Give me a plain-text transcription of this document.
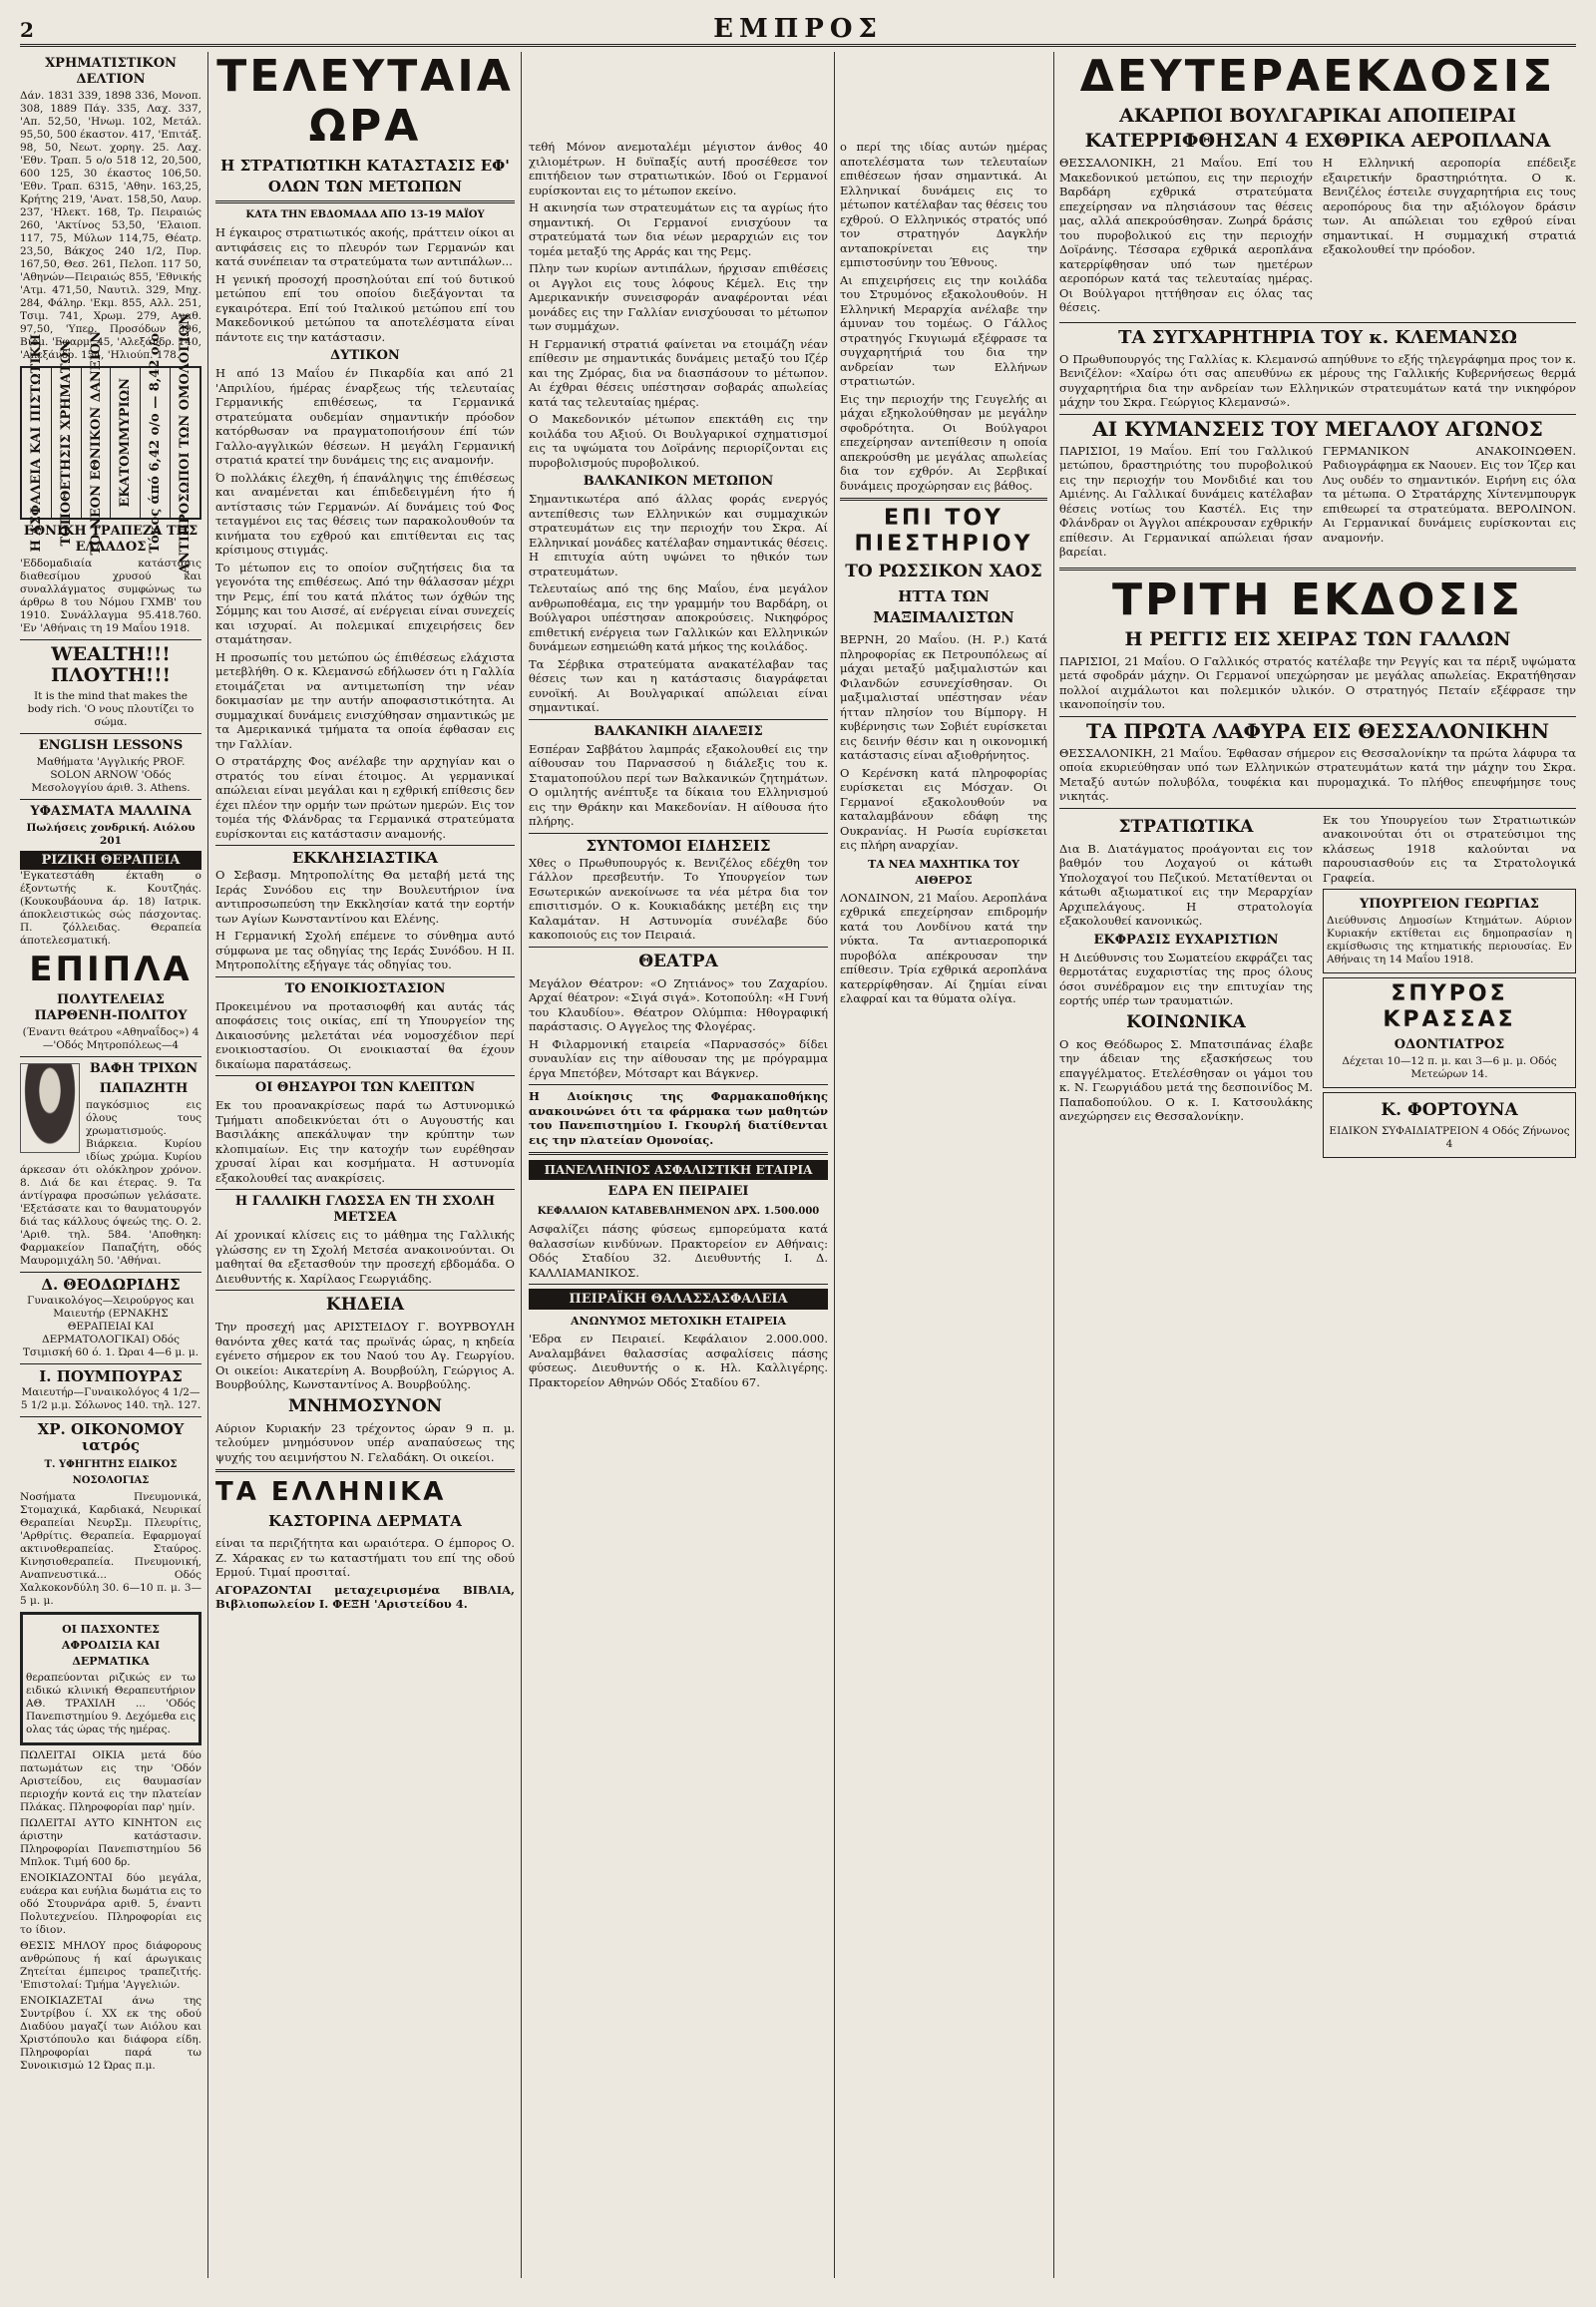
2	ΕΜΠΡΟΣ
ΧΡΗΜΑΤΙΣΤΙΚΟΝ ΔΕΛΤΙΟΝ

Δάν. 1831 339, 1898 336, Μονοπ. 308, 1889 Πάγ. 335, Λαχ. 337, 'Απ. 52,50, 'Ηνωμ. 102, Μετάλ. 95,50, 500 έκαστον. 417, 'Επιτάξ. 98, 50, Νεωτ. χορηγ. 25. Λαχ. 'Εθν. Τραπ. 5 ο/ο 518 12, 20,500, 600 125, 30 έκαστος 106,50. 'Εθν. Τραπ. 6315, 'Αθην. 163,25, Κρήτης 219, 'Ανατ. 158,50, Λαυρ. 237, 'Ηλεκτ. 168, Τρ. Πειραιώς 260, 'Ακτίνος 53,50, 'Ελαιοπ. 117, 75, Μύλων 114,75, Θέατρ. 23,50, Βάκχος 240 1/2, Πυρ. 167,50, Θεσ. 261, Πελοπ. 117 50, 'Αθηνών—Πειραιώς 855, 'Εθνικής 'Ατμ. 471,50, Ναυτιλ. 329, Μηχ. 284, Φάληρ. 'Εκμ. 855, Αλλ. 251, Τσιμ. 741, Χρωμ. 279, Αγαθ. 97,50, 'Υπερ. Προσόδων 396, Βιομ. 'Εφαρμ. 45, 'Αλεξάνδρ. 140, 'Αλεξάνδρ. 154, 'Ηλιούπ. 178.

Η ΑΣΦΑΛΕΙΑ ΚΑΙ ΠΙΣΤΩΤΙΚΗ ΤΟΠΟΘΕΤΗΣΙΣ ΧΡΗΜΑΤΩΝ ΤΟ ΝΕΟΝ ΕΘΝΙΚΟΝ ΔΑΝΕΙΟΝ ΕΚΑΤΟΜΜΥΡΙΩΝ Τόκος άπό 6,42 ο/ο — 8,42 ο/ο ΑΝΤΙΠΡΟΣΩΠΟΙ ΤΩΝ ΟΜΟΛΟΓΙΩΝ
ΕΘΝΙΚΗ ΤΡΑΠΕΖΑ ΤΗΣ ΕΛΛΑΔΟΣ

'Εδδομαδιαία κατάστασις διαθεσίμου χρυσού και συναλλάγματος συμφώνως τω άρθρω 8 του Νόμου ΓΧΜΒ' του 1910. Συνάλλαγμα 95.418.760. 'Εν 'Αθήναις τη 19 Μαΐου 1918.

WEALTH!!! ΠΛΟΥΤΗ!!!

It is the mind that makes the body rich. 'Ο νους πλουτίζει το σώμα.

ENGLISH LESSONS

Μαθήματα 'Αγγλικής PROF. SOLON ARNOW 'Οδός Μεσολογγίου άριθ. 3. Athens.

ΥΦΑΣΜΑΤΑ ΜΑΛΛΙΝΑ

Πωλήσεις χονδρική. Αιόλου 201

ΡΙΖΙΚΗ ΘΕΡΑΠΕΙΑ

'Εγκατεστάθη έκταθη ο έξοντωτής κ. Κουτζηάς. (Κουκουβάουνα άρ. 18) Ιατρικ. άποκλειστικώς σώς πάσχοντας. Π. ζόλλειδας. Θεραπεία άποτελεσματική.

ΕΠΙΠΛΑ
ΠΟΛΥΤΕΛΕΙΑΣ ΠΑΡΘΕΝΗ-ΠΟΛΙΤΟΥ

(Έναντι θεάτρου «Αθηναΐδος») 4—'Οδός Μητροπόλεως—4

ΒΑΦΗ ΤΡΙΧΩΝ
ΠΑΠΑΖΗΤΗ

παγκόσμιος εις όλους τους χρωματισμούς. Βιάρκεια. Κυρίου ιδίως χρώμα. Κυρίου άρκεσαν ότι ολόκληρον χρόνον. 8. Διά δε και έτερας. 9. Τα άντίγραφα προσώπων γελάσατε. 'Εξετάσατε και το θαυματουργόν διά τας κάλλους όψεώς της. Ο. 2. 'Αριθ. τηλ. 584. 'Αποθηκη: Φαρμακείον Παπαζήτη, οδός Μαυρομιχάλη 50. 'Αθήναι.

Δ. ΘΕΟΔΩΡΙΔΗΣ

Γυναικολόγος—Χειρούργος και Μαιευτήρ (ΕΡΝΑΚΗΣ ΘΕΡΑΠΕΙΑΙ ΚΑΙ ΔΕΡΜΑΤΟΛΟΓΙΚΑΙ) Οδός Τσιμισκή 60 ό. 1. Ώραι 4—6 μ. μ.

Ι. ΠΟΥΜΠΟΥΡΑΣ

Μαιευτήρ—Γυναικολόγος 4 1/2—5 1/2 μ.μ. Σόλωνος 140. τηλ. 127.

ΧΡ. ΟΙΚΟΝΟΜΟΥ ιατρός
Τ. ΥΦΗΓΗΤΗΣ ΕΙΔΙΚΟΣ ΝΟΣΟΛΟΓΙΑΣ

Νοσήματα Πνευμονικά, Στομαχικά, Καρδιακά, Νευρικαί Θεραπείαι ΝευρΣμ. Πλευρίτις, 'Αρθρίτις. Θεραπεία. Εφαρμογαί ακτινοθεραπείας. Σταύρος. Κινησιοθεραπεία. Πνευμονική, Αναπνευστικά... Οδός Χαλκοκονδύλη 30. 6—10 π. μ. 3—5 μ. μ.

ΟΙ ΠΑΣΧΟΝΤΕΣ ΑΦΡΟΔΙΣΙΑ ΚΑΙ ΔΕΡΜΑΤΙΚΑ

θεραπεύονται ριζικώς εν τω ειδικώ κλινική Θεραπευτήριον ΑΘ. ΤΡΑΧΙΛΗ ... 'Οδός Πανεπιστημίου 9. Δεχόμεθα εις ολας τάς ώρας τής ημέρας.

ΠΩΛΕΙΤΑΙ ΟΙΚΙΑ μετά δύο πατωμάτων εις την 'Οδόν Αριστείδου, εις θαυμασίαν περιοχήν κοντά εις την πλατείαν Πλάκας. Πληροφορίαι παρ' ημίν.

ΠΩΛΕΙΤΑΙ ΑΥΤΟ ΚΙΝΗΤΟΝ εις άριστην κατάστασιν. Πληροφορίαι Πανεπιστημίου 56 Μπλοκ. Τιμή 600 δρ.

ΕΝΟΙΚΙΑΖΟΝΤΑΙ δύο μεγάλα, ευάερα και ευήλια δωμάτια εις το οδό Στουρνάρα αριθ. 5, έναντι Πολυτεχνείου. Πληροφορίαι εις το ίδιον.

ΘΕΣΙΣ ΜΗΛΟΥ προς διάφορους ανθρώπους ή καί άρωγικαις Ζητείται έμπειρος τραπεζιτής. 'Επιστολαί: Τμήμα 'Αγγελιών.

ΕΝΟΙΚΙΑΖΕΤΑΙ άνω της Συντρίβου ί. ΧΧ εκ της οδού Διαδύου μαγαζί των Αιόλου και Χριστόπουλο και διάφορα είδη. Πληροφορίαι παρά τω Συνοικισμώ 12 Ώρας π.μ.

ΤΕΛΕΥΤΑΙΑ ΩΡΑ
Η ΣΤΡΑΤΙΩΤΙΚΗ ΚΑΤΑΣΤΑΣΙΣ ΕΦ' ΟΛΩΝ ΤΩΝ ΜΕΤΩΠΩΝ
ΚΑΤΑ ΤΗΝ ΕΒΔΟΜΑΔΑ ΑΠΟ 13-19 ΜΑΪΟΥ

Η έγκαιρος στρατιωτικός ακοής, πράττειν οίκοι αι αντιφάσεις εις το πλευρόν των Γερμανών και κατά συνέπειαν τα στρατεύματα των αντιπάλων...

Η γενική προσοχή προσηλούται επί τού δυτικού μετώπου επί του οποίου διεξάγονται τα εγκαιρότερα. Επί τού Ιταλικού μετώπου επί του Μακεδονικού μετώπου τα αποτελέσματα είναι πάντοτε εις την κατάστασιν.

ΔΥΤΙΚΟΝ

Η από 13 Μαΐου έν Πικαρδία και από 21 'Απριλίου, ήμέρας έναρξεως τής τελευταίας Γερμανικής επιθέσεως, τα Γερμανικά στρατεύματα ουδεμίαν σημαντικήν πρόοδον κατόρθωσαν να πραγματοποιήσουν έπί τών Γαλλο-αγγλικών θέσεων. Η μεγάλη Γερμανική στρατιά κρατεί την δυνάμεις της εις αναμονήν.

Ό πολλάκις έλεχθη, ή έπανάληψις της έπιθέσεως και αναμένεται και έπιδεδειγμένη ήτο ή αντίστασις τών Γερμανών. Αί δυνάμεις τού Φος τεταγμένοι εις τας θέσεις των παρακολουθούν τα κινήματα του εχθρού και επιτίθενται εις τας κρίσιμους στιγμάς.

Το μέτωπον εις το οποίον συζητήσεις δια τα γεγονότα της επιθέσεως. Από την θάλασσαν μέχρι την Ρεμς, έπί του κατά πλάτος των όχθών της Σόμμης και του Αισσέ, αί ενέργειαι είναι συνεχείς και ισχυραί. Αι πολεμικαί επιχειρήσεις δεν σταμάτησαν.

Η προσωπίς του μετώπου ώς έπιθέσεως ελάχιστα μετεβλήθη. Ο κ. Κλεμανσώ εδήλωσεν ότι η Γαλλία ετοιμάζεται να αντιμετωπίση την νέαν δοκιμασίαν με την αυτήν αποφασιστικότητα. Αι συμμαχικαί δυνάμεις ενισχύθησαν σημαντικώς με τα Αμερικανικά τμήματα τα οποία έφθασαν εις την Γαλλίαν.

Ο στρατάρχης Φος ανέλαβε την αρχηγίαν και ο στρατός του είναι έτοιμος. Αι γερμανικαί απώλειαι είναι μεγάλαι και η εχθρική επίθεσις δεν έχει πλέον την ορμήν των πρώτων ημερών. Εις τον τομέα τής Φλάνδρας τα Γερμανικά στρατεύματα ευρίσκονται εις κατάστασιν αναμονής.

ΕΚΚΛΗΣΙΑΣΤΙΚΑ

Ο Σεβασμ. Μητροπολίτης Θα μεταβή μετά της Ιεράς Συνόδου εις την Βουλευτήριον ίνα αντιπροσωπεύση την Εκκλησίαν κατά την εορτήν των Αγίων Κωνσταντίνου και Ελένης.

Η Γερμανική Σχολή επέμενε το σύνθημα αυτό σύμφωνα με τας οδηγίας της Ιεράς Συνόδου. Η ΙΙ. Μητροπολίτης εξήγαγε τάς οδηγίας του.

ΤΟ ΕΝΟΙΚΙΟΣΤΑΣΙΟΝ

Προκειμένου να προτασιοφθή και αυτάς τάς αποφάσεις τοις οικίας, επί τη Υπουργείον της Δικαιοσύνης μελετάται νέα νομοσχέδιον περί ενοικιοστασίου. Οι ενοικιασταί θα έχουν δικαίωμα παρατάσεως.

ΟΙ ΘΗΣΑΥΡΟΙ ΤΩΝ ΚΛΕΠΤΩΝ

Εκ του προανακρίσεως παρά τω Αστυνομικώ Τμήματι αποδεικνύεται ότι ο Αυγουστής και Βασιλάκης απεκάλυψαν την κρύπτην των κλοπιμαίων. Εις την κατοχήν των ευρέθησαν χρυσαί λίραι και κοσμήματα. Η αστυνομία εξακολουθεί τας ανακρίσεις.

Η ΓΑΛΛΙΚΗ ΓΛΩΣΣΑ ΕΝ ΤΗ ΣΧΟΛΗ ΜΕΤΣΕΑ

Αί χρονικαί κλίσεις εις το μάθημα της Γαλλικής γλώσσης εν τη Σχολή Μετσέα ανακοινούνται. Οι μαθηταί θα εξετασθούν την προσεχή εβδομάδα. Ο Διευθυντής κ. Χαρίλαος Γεωργιάδης.

ΚΗΔΕΙΑ

Την προσεχή μας ΑΡΙΣΤΕΙΔΟΥ Γ. ΒΟΥΡΒΟΥΛΗ θανόντα χθες κατά τας πρωϊνάς ώρας, η κηδεία εγένετο σήμερον εκ του Ναού του Αγ. Γεωργίου. Οι οικείοι: Αικατερίνη Α. Βουρβούλη, Γεώργιος Α. Βουρβούλης, Κωνσταντίνος Α. Βουρβούλης.

ΜΝΗΜΟΣΥΝΟΝ

Αύριον Κυριακήν 23 τρέχοντος ώραν 9 π. μ. τελούμεν μνημόσυνον υπέρ αναπαύσεως της ψυχής του αειμνήστου Ν. Γελαδάκη. Οι οικείοι.

ΤΑ ΕΛΛΗΝΙΚΑ
ΚΑΣΤΟΡΙΝΑ ΔΕΡΜΑΤΑ

είναι τα περιζήτητα και ωραιότερα. Ο έμπορος Ο. Ζ. Χάρακας εν τω καταστήματι του επί της οδού Ερμού. Τιμαί προσιταί.

ΑΓΟΡΑΖΟΝΤΑΙ μεταχειρισμένα ΒΙΒΛΙΑ, Βιβλιοπωλείον Ι. ΦΕΞΗ 'Αριστείδου 4.

τεθή Μόνον ανεμοταλέμι μέγιστον άνθος 40 χιλιομέτρων. Η δυϊπαξίς αυτή προσέθεσε τον επιτήδειον των στρατιωτικών. Ιδού οι Γερμανοί ευρίσκονται εις το μέτωπον εκείνο.

Η ακινησία των στρατευμάτων εις τα αγρίως ήτο σημαντική. Οι Γερμανοί ενισχύουν τα στρατεύματά των δια νέων μεραρχιών εις τον τομέα μεταξύ της Αρράς και της Ρεμς.

Πλην των κυρίων αντιπάλων, ήρχισαν επιθέσεις οι Αγγλοι εις τους λόφους Κέμελ. Εις την Αμερικανικήν συνεισφοράν αναφέρονται νέαι μονάδες εις την Γαλλίαν ενισχύουσαι το μέτωπον των συμμάχων.

Η Γερμανική στρατιά φαίνεται να ετοιμάζη νέαν επίθεσιν με σημαντικάς δυνάμεις μεταξύ του Ιζέρ και της Ζμόρας, δια να διασπάσουν το μέτωπον. Αι έχθραι θέσεις υπέστησαν σοβαράς απωλείας κατά τας τελευταίας ημέρας.

Ο Μακεδονικόν μέτωπον επεκτάθη εις την κοιλάδα του Αξιού. Οι Βουλγαρικοί σχηματισμοί εις τα υψώματα του Δοϊράνης περιορίζονται εις πυροβολισμούς πυροβολικού.

ΒΑΛΚΑΝΙΚΟΝ ΜΕΤΩΠΟΝ

Σημαντικωτέρα από άλλας φοράς ενεργός αντεπίθεσις των Ελληνικών και συμμαχικών στρατευμάτων εις την περιοχήν του Σκρα. Αί Ελληνικαί μονάδες κατέλαβαν σημαντικάς θέσεις. Η επιτυχία αύτη υψώνει το ηθικόν των στρατευμάτων.

Τελευταίως από της 6ης Μαΐου, ένα μεγάλον ανθρωποθέαμα, εις την γραμμήν του Βαρδάρη, οι Βούλγαροι υπέστησαν αποκρούσεις. Νικηφόρος επιθετική ενέργεια των Γαλλικών και Ελληνικών δυνάμεων εσημειώθη κατά μήκος της κοιλάδος.

Τα Σέρβικα στρατεύματα ανακατέλαβαν τας θέσεις των και η κατάστασις διαγράφεται ευνοϊκή. Αι Βουλγαρικαί απώλειαι είναι σημαντικαί.

ΒΑΛΚΑΝΙΚΗ ΔΙΑΛΕΞΙΣ

Εσπέραν Σαββάτου λαμπράς εξακολουθεί εις την αίθουσαν του Παρνασσού η διάλεξις του κ. Σταματοπούλου περί των Βαλκανικών ζητημάτων. Ο ομιλητής ανέπτυξε τα δίκαια του Ελληνισμού εις την Θράκην και Μακεδονίαν. Η αίθουσα ήτο πλήρης.

ΣΥΝΤΟΜΟΙ ΕΙΔΗΣΕΙΣ

Χθες ο Πρωθυπουργός κ. Βενιζέλος εδέχθη τον Γάλλον πρεσβευτήν. Το Υπουργείον των Εσωτερικών ανεκοίνωσε τα νέα μέτρα δια τον επισιτισμόν. Ο κ. Κουκιαδάκης μετέβη εις την Καλαμάταν. Η Αστυνομία συνέλαβε δύο κακοποιούς εις τον Πειραιά.

ΘΕΑΤΡΑ

Μεγάλον Θέατρον: «Ο Ζητιάνος» του Ζαχαρίου. Αρχαί θέατρον: «Σιγά σιγά». Κοτοπούλη: «Η Γυνή του Κλαυδίου». Θέατρον Ολύμπια: Ηθογραφική παράστασις. Ο Αγγελος της Φλογέρας.

Η Φιλαρμονική εταιρεία «Παρνασσός» δίδει συναυλίαν εις την αίθουσαν της με πρόγραμμα έργα Μπετόβεν, Μότσαρτ και Βάγκνερ.

Η Διοίκησις της Φαρμακαποθήκης ανακοινώνει ότι τα φάρμακα των μαθητών του Πανεπιστημίου Ι. Γκουρλή διατίθενται εις την πλατείαν Ομονοίας.

ΠΑΝΕΛΛΗΝΙΟΣ ΑΣΦΑΛΙΣΤΙΚΗ ΕΤΑΙΡΙΑ
ΕΔΡΑ ΕΝ ΠΕΙΡΑΙΕΙ
ΚΕΦΑΛΑΙΟΝ ΚΑΤΑΒΕΒΛΗΜΕΝΟΝ ΔΡΧ. 1.500.000

Ασφαλίζει πάσης φύσεως εμπορεύματα κατά θαλασσίων κινδύνων. Πρακτορείον εν Αθήναις: Οδός Σταδίου 32. Διευθυντής Ι. Δ. ΚΑΛΛΙΑΜΑΝΙΚΟΣ.

ΠΕΙΡΑΪΚΗ ΘΑΛΑΣΣΑΣΦΑΛΕΙΑ
ΑΝΩΝΥΜΟΣ ΜΕΤΟΧΙΚΗ ΕΤΑΙΡΕΙΑ

'Εδρα εν Πειραιεί. Κεφάλαιον 2.000.000. Αναλαμβάνει θαλασσίας ασφαλίσεις πάσης φύσεως. Διευθυντής ο κ. Ηλ. Καλλιγέρης. Πρακτορείον Αθηνών Οδός Σταδίου 67.

ο περί της ιδίας αυτών ημέρας αποτελέσματα των τελευταίων επιθέσεων ήσαν σημαντικά. Αι Ελληνικαί δυνάμεις εις το μέτωπον κατέλαβαν τας θέσεις του εχθρού. Ο Ελληνικός στρατός υπό τον στρατηγόν Δαγκλήν ανταποκρίνεται εις την εμπιστοσύνην του Έθνους.

Αι επιχειρήσεις εις την κοιλάδα του Στρυμόνος εξακολουθούν. Η Ελληνική Μεραρχία ανέλαβε την άμυναν του τομέως. Ο Γάλλος στρατηγός Γκυγιωμά εξέφρασε τα συγχαρητήριά του δια την ανδρείαν των Ελλήνων στρατιωτών.

Εις την περιοχήν της Γευγελής αι μάχαι εξηκολούθησαν με μεγάλην σφοδρότητα. Οι Βούλγαροι επεχείρησαν αντεπίθεσιν η οποία απεκρούσθη με μεγάλας απωλείας δια τον εχθρόν. Αι Σερβικαί δυνάμεις προχώρησαν εις βάθος.

ΕΠΙ ΤΟΥ ΠΙΕΣΤΗΡΙΟΥ
ΤΟ ΡΩΣΣΙΚΟΝ ΧΑΟΣ
ΗΤΤΑ ΤΩΝ ΜΑΞΙΜΑΛΙΣΤΩΝ

ΒΕΡΝΗ, 20 Μαΐου. (Η. Ρ.) Κατά πληροφορίας εκ Πετρουπόλεως αί μάχαι μεταξύ μαξιμαλιστών και Φιλανδών εσυνεχίσθησαν. Οι μαξιμαλισταί υπέστησαν νέαν ήτταν πλησίον του Βίμποργ. Η κυβέρνησις των Σοβιέτ ευρίσκεται εις δεινήν θέσιν και η οικονομική κατάστασις είναι αξιοθρήνητος.

Ο Κερένσκη κατά πληροφορίας ευρίσκεται εις Μόσχαν. Οι Γερμανοί εξακολουθούν να καταλαμβάνουν εδάφη της Ουκρανίας. Η Ρωσία ευρίσκεται εις πλήρη αναρχίαν.

ΤΑ ΝΕΑ ΜΑΧΗΤΙΚΑ ΤΟΥ ΑΙΘΕΡΟΣ

ΛΟΝΔΙΝΟΝ, 21 Μαΐου. Αεροπλάνα εχθρικά επεχείρησαν επιδρομήν κατά του Λονδίνου κατά την νύκτα. Τα αντιαεροπορικά πυροβόλα απέκρουσαν την επίθεσιν. Τρία εχθρικά αεροπλάνα κατερρίφθησαν. Αί ζημίαι είναι ελαφραί και τα θύματα ολίγα.

ΔΕΥΤΕΡΑΕΚΔΟΣΙΣ
ΑΚΑΡΠΟΙ ΒΟΥΛΓΑΡΙΚΑΙ ΑΠΟΠΕΙΡΑΙ
ΚΑΤΕΡΡΙΦΘΗΣΑΝ 4 ΕΧΘΡΙΚΑ ΑΕΡΟΠΛΑΝΑ

ΘΕΣΣΑΛΟΝΙΚΗ, 21 Μαΐου. Επί του Μακεδονικού μετώπου, εις την περιοχήν Βαρδάρη εχθρικά στρατεύματα επεχείρησαν να πλησιάσουν τας θέσεις μας, αλλά απεκρούσθησαν. Ζωηρά δράσις του πυροβολικού εις την περιοχήν Δοϊράνης. Τέσσαρα εχθρικά αεροπλάνα κατερρίφθησαν υπό των ημετέρων αεροπόρων κατά τας τελευταίας ημέρας. Οι Βούλγαροι ηττήθησαν εις όλας τας θέσεις.

Η Ελληνική αεροπορία επέδειξε εξαιρετικήν δραστηριότητα. Ο κ. Βενιζέλος έστειλε συγχαρητήρια εις τους αεροπόρους δια την αξιόλογον δράσιν των. Αι απώλειαι του εχθρού είναι σημαντικαί. Η συμμαχική στρατιά εξακολουθεί την πρόοδον.

ΤΑ ΣΥΓΧΑΡΗΤΗΡΙΑ ΤΟΥ κ. ΚΛΕΜΑΝΣΩ

Ο Πρωθυπουργός της Γαλλίας κ. Κλεμανσώ απηύθυνε το εξής τηλεγράφημα προς τον κ. Βενιζέλον: «Χαίρω ότι σας απευθύνω εκ μέρους της Γαλλικής Κυβερνήσεως θερμά συγχαρητήρια δια την ανδρείαν των Ελληνικών στρατευμάτων κατά την νικηφόρον μάχην του Σκρα. Γεώργιος Κλεμανσώ».

ΑΙ ΚΥΜΑΝΣΕΙΣ ΤΟΥ ΜΕΓΑΛΟΥ ΑΓΩΝΟΣ

ΠΑΡΙΣΙΟΙ, 19 Μαΐου. Επί του Γαλλικού μετώπου, δραστηριότης του πυροβολικού εις την περιοχήν του Μονδιδιέ και του Αμιένης. Αι Γαλλικαί δυνάμεις κατέλαβαν θέσεις νοτίως του Καστέλ. Εις την Φλάνδραν οι Άγγλοι απέκρουσαν εχθρικήν επίθεσιν. Αι Γερμανικαί απώλειαι ήσαν βαρείαι.

ΓΕΡΜΑΝΙΚΟΝ ΑΝΑΚΟΙΝΩΘΕΝ. Ραδιογράφημα εκ Ναουεν. Εις τον Ίζερ και Λυς ουδέν το σημαντικόν. Ειρήνη εις όλα τα μέτωπα. Ο Στρατάρχης Χίντενμπουργκ επιθεωρεί τα στρατεύματα. ΒΕΡΟΛΙΝΟΝ. Αι Γερμανικαί δυνάμεις ευρίσκονται εις αναμονήν.

ΤΡΙΤΗ ΕΚΔΟΣΙΣ
Η ΡΕΓΓΙΣ ΕΙΣ ΧΕΙΡΑΣ ΤΩΝ ΓΑΛΛΩΝ

ΠΑΡΙΣΙΟΙ, 21 Μαΐου. Ο Γαλλικός στρατός κατέλαβε την Ρεγγίς και τα πέριξ υψώματα μετά σφοδράν μάχην. Οι Γερμανοί υπεχώρησαν με μεγάλας απωλείας. Εκρατήθησαν πολλοί αιχμάλωτοι και πολεμικόν υλικόν. Ο στρατηγός Πεταίν εξέφρασε την ικανοποίησίν του.

ΤΑ ΠΡΩΤΑ ΛΑΦΥΡΑ ΕΙΣ ΘΕΣΣΑΛΟΝΙΚΗΝ

ΘΕΣΣΑΛΟΝΙΚΗ, 21 Μαΐου. Έφθασαν σήμερον εις Θεσσαλονίκην τα πρώτα λάφυρα τα οποία εκυριεύθησαν υπό των Ελληνικών στρατευμάτων κατά την μάχην του Σκρα. Μεταξύ αυτών πολυβόλα, τουφέκια και πυρομαχικά. Το πλήθος επευφήμησε τους νικητάς.

ΣΤΡΑΤΙΩΤΙΚΑ

Δια Β. Διατάγματος προάγονται εις τον βαθμόν του Λοχαγού οι κάτωθι Υπολοχαγοί του Πεζικού. Μετατίθενται οι κάτωθι αξιωματικοί εις την Μεραρχίαν Αρχιπελάγους. Η στρατολογία εξακολουθεί κανονικώς.

ΕΚΦΡΑΣΙΣ ΕΥΧΑΡΙΣΤΙΩΝ

Η Διεύθυνσις του Σωματείου εκφράζει τας θερμοτάτας ευχαριστίας της προς όλους όσοι συνέδραμον εις την επιτυχίαν της εορτής υπέρ των τραυματιών.

ΚΟΙΝΩΝΙΚΑ

Ο κος Θεόδωρος Σ. Μπατσιπάνας έλαβε την άδειαν της εξασκήσεως του επαγγέλματος. Ετελέσθησαν οι γάμοι του κ. Ν. Γεωργιάδου μετά της δεσποινίδος Μ. Παπαδοπούλου. Ο κ. Ι. Κατσουλάκης ανεχώρησεν εις Θεσσαλονίκην.

Εκ του Υπουργείου των Στρατιωτικών ανακοινούται ότι οι στρατεύσιμοι της κλάσεως 1918 καλούνται να παρουσιασθούν εις τα Στρατολογικά Γραφεία.

ΥΠΟΥΡΓΕΙΟΝ ΓΕΩΡΓΙΑΣ

Διεύθυνσις Δημοσίων Κτημάτων. Αύριον Κυριακήν εκτίθεται εις δημοπρασίαν η εκμίσθωσις της κτηματικής περιουσίας. Εν Αθήναις τη 14 Μαΐου 1918.

ΣΠΥΡΟΣ ΚΡΑΣΣΑΣ
ΟΔΟΝΤΙΑΤΡΟΣ

Δέχεται 10—12 π. μ. και 3—6 μ. μ. Οδός Μετεώρων 14.

Κ. ΦΟΡΤΟΥΝΑ

ΕΙΔΙΚΟΝ ΣΥΦΑΙΔΙΑΤΡΕΙΟΝ 4 Οδός Ζήνωνος 4
